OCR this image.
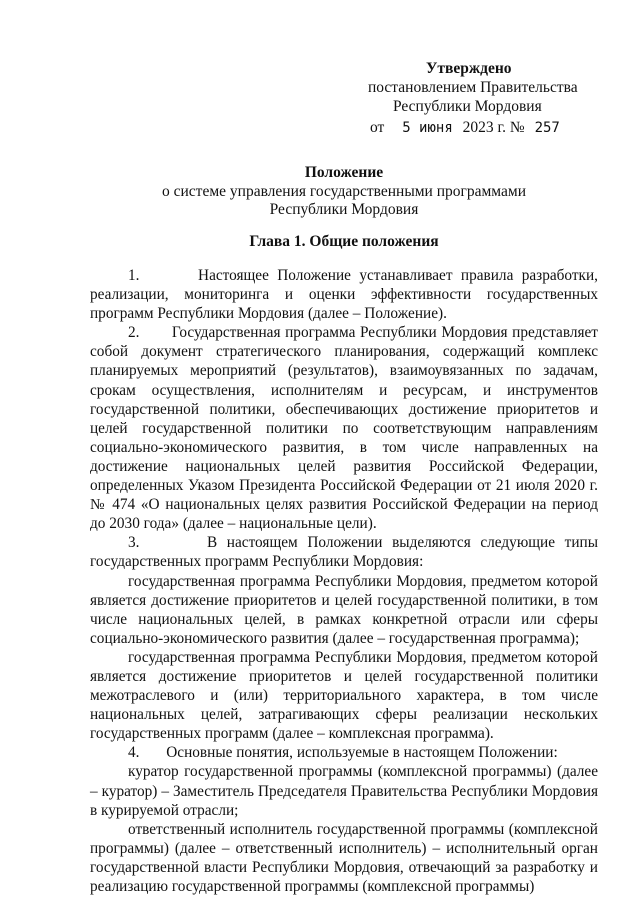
Утверждено
постановлением Правительства
Республики Мордовия
от 5 июня 2023 г. № 257
Положение
о системе управления государственными программами
Республики Мордовия
Глава 1. Общие положения

1.       Настоящее Положение устанавливает правила разработки, реализации, мониторинга и оценки эффективности государственных программ Республики Мордовия (далее – Положение).

2.       Государственная программа Республики Мордовия представляет собой документ стратегического планирования, содержащий комплекс планируемых мероприятий (результатов), взаимоувязанных по задачам, срокам осуществления, исполнителям и ресурсам, и инструментов государственной политики, обеспечивающих достижение приоритетов и целей государственной политики по соответствующим направлениям социально-экономического развития, в том числе направленных на достижение национальных целей развития Российской Федерации, определенных Указом Президента Российской Федерации от 21 июля 2020 г. № 474 «О национальных целях развития Российской Федерации на период до 2030 года» (далее – национальные цели).

3.       В настоящем Положении выделяются следующие типы государственных программ Республики Мордовия:

государственная программа Республики Мордовия, предметом которой является достижение приоритетов и целей государственной политики, в том числе национальных целей, в рамках конкретной отрасли или сферы социально-экономического развития (далее – государственная программа);

государственная программа Республики Мордовия, предметом которой является достижение приоритетов и целей государственной политики межотраслевого и (или) территориального характера, в том числе национальных целей, затрагивающих сферы реализации нескольких государственных программ (далее – комплексная программа).

4.       Основные понятия, используемые в настоящем Положении:

куратор государственной программы (комплексной программы) (далее – куратор) – Заместитель Председателя Правительства Республики Мордовия в курируемой отрасли;

ответственный исполнитель государственной программы (комплексной программы) (далее – ответственный исполнитель) – исполнительный орган государственной власти Республики Мордовия, отвечающий за разработку и реализацию государственной программы (комплексной программы)
